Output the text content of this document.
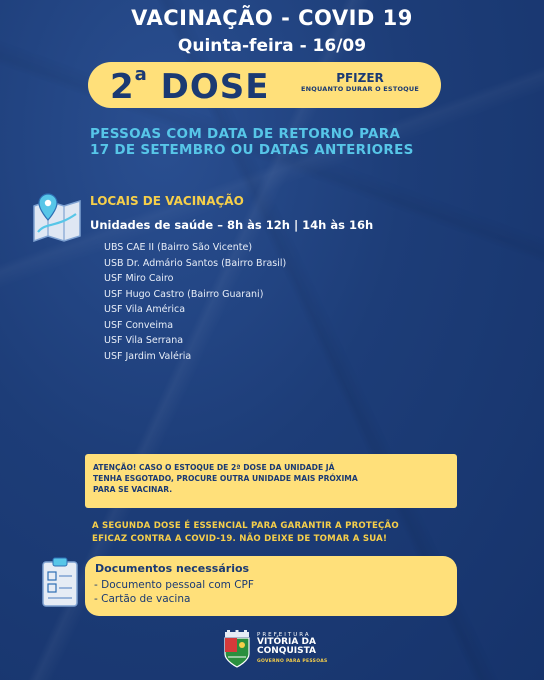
VACINAÇÃO - COVID 19
Quinta-feira - 16/09
2$^a$ DOSE	PFIZER
ENQUANTO DURAR O ESTOQUE
PESSOAS COM DATA DE RETORNO PARA
17 DE SETEMBRO OU DATAS ANTERIORES
LOCAIS DE VACINAÇÃO
Unidades de saúde – 8h às 12h | 14h às 16h
UBS CAE II (Bairro São Vicente)
USB Dr. Admário Santos (Bairro Brasil)
USF Miro Cairo
USF Hugo Castro (Bairro Guarani)
USF Vila América
USF Conveima
USF Vila Serrana
USF Jardim Valéria
ATENÇÃO! CASO O ESTOQUE DE 2ª DOSE DA UNIDADE JÁ
TENHA ESGOTADO, PROCURE OUTRA UNIDADE MAIS PRÓXIMA
PARA SE VACINAR.
A SEGUNDA DOSE É ESSENCIAL PARA GARANTIR A PROTEÇÃO
EFICAZ CONTRA A COVID-19. NÃO DEIXE DE TOMAR A SUA!
Documentos necessários
- Documento pessoal com CPF
- Cartão de vacina
PREFEITURA
VITÓRIA DA
CONQUISTA
GOVERNO PARA PESSOAS
